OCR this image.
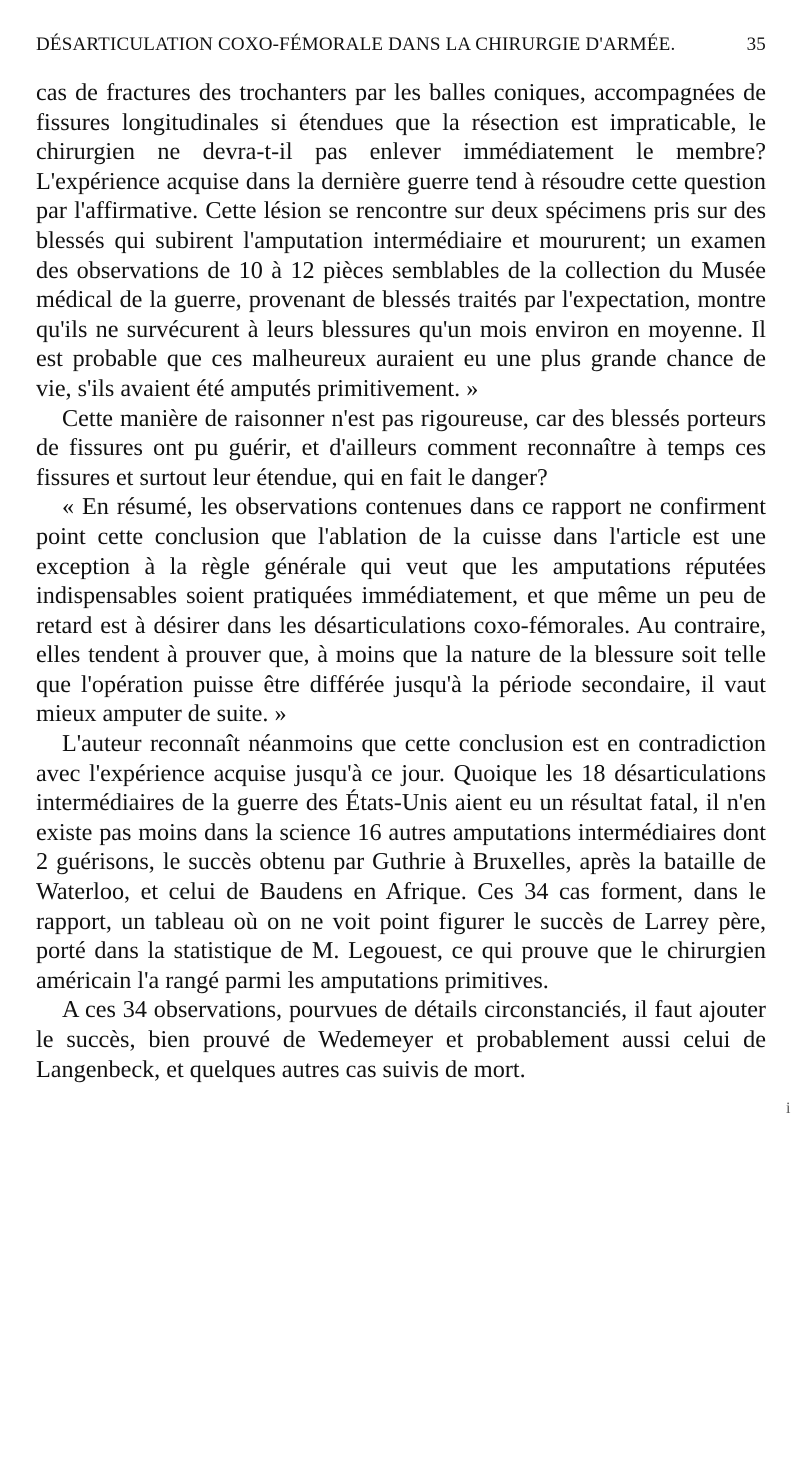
DÉSARTICULATION COXO-FÉMORALE DANS LA CHIRURGIE D'ARMÉE.	35

cas de fractures des trochanters par les balles coniques, accompagnées de fissures longitudinales si étendues que la résection est impraticable, le chirurgien ne devra-t-il pas enlever immédiatement le membre? L'expérience acquise dans la dernière guerre tend à résoudre cette question par l'affirmative. Cette lésion se rencontre sur deux spécimens pris sur des blessés qui subirent l'amputation intermédiaire et moururent; un examen des observations de 10 à 12 pièces semblables de la collection du Musée médical de la guerre, provenant de blessés traités par l'expectation, montre qu'ils ne survécurent à leurs blessures qu'un mois environ en moyenne. Il est probable que ces malheureux auraient eu une plus grande chance de vie, s'ils avaient été amputés primitivement. »

Cette manière de raisonner n'est pas rigoureuse, car des blessés porteurs de fissures ont pu guérir, et d'ailleurs comment reconnaître à temps ces fissures et surtout leur étendue, qui en fait le danger?

« En résumé, les observations contenues dans ce rapport ne confirment point cette conclusion que l'ablation de la cuisse dans l'article est une exception à la règle générale qui veut que les amputations réputées indispensables soient pratiquées immédiatement, et que même un peu de retard est à désirer dans les désarticulations coxo-fémorales. Au contraire, elles tendent à prouver que, à moins que la nature de la blessure soit telle que l'opération puisse être différée jusqu'à la période secondaire, il vaut mieux amputer de suite. »

L'auteur reconnaît néanmoins que cette conclusion est en contradiction avec l'expérience acquise jusqu'à ce jour. Quoique les 18 désarticulations intermédiaires de la guerre des États-Unis aient eu un résultat fatal, il n'en existe pas moins dans la science 16 autres amputations intermédiaires dont 2 guérisons, le succès obtenu par Guthrie à Bruxelles, après la bataille de Waterloo, et celui de Baudens en Afrique. Ces 34 cas forment, dans le rapport, un tableau où on ne voit point figurer le succès de Larrey père, porté dans la statistique de M. Legouest, ce qui prouve que le chirurgien américain l'a rangé parmi les amputations primitives.

A ces 34 observations, pourvues de détails circonstanciés, il faut ajouter le succès, bien prouvé de Wedemeyer et probablement aussi celui de Langenbeck, et quelques autres cas suivis de mort.

i
